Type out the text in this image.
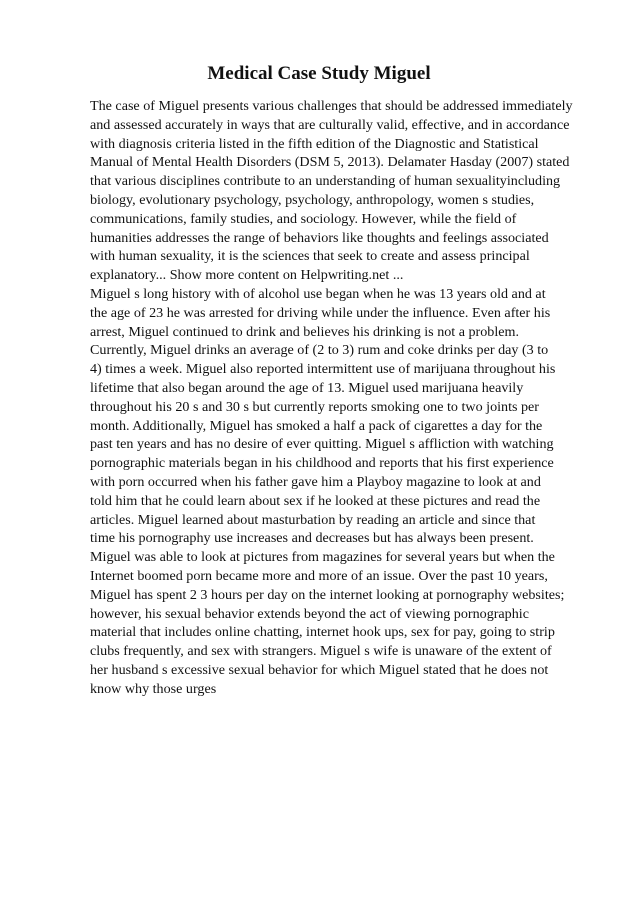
Medical Case Study Miguel
The case of Miguel presents various challenges that should be addressed immediately
and assessed accurately in ways that are culturally valid, effective, and in accordance
with diagnosis criteria listed in the fifth edition of the Diagnostic and Statistical
Manual of Mental Health Disorders (DSM 5, 2013). Delamater Hasday (2007) stated
that various disciplines contribute to an understanding of human sexualityincluding
biology, evolutionary psychology, psychology, anthropology, women s studies,
communications, family studies, and sociology. However, while the field of
humanities addresses the range of behaviors like thoughts and feelings associated
with human sexuality, it is the sciences that seek to create and assess principal
explanatory... Show more content on Helpwriting.net ...
Miguel s long history with of alcohol use began when he was 13 years old and at
the age of 23 he was arrested for driving while under the influence. Even after his
arrest, Miguel continued to drink and believes his drinking is not a problem.
Currently, Miguel drinks an average of (2 to 3) rum and coke drinks per day (3 to
4) times a week. Miguel also reported intermittent use of marijuana throughout his
lifetime that also began around the age of 13. Miguel used marijuana heavily
throughout his 20 s and 30 s but currently reports smoking one to two joints per
month. Additionally, Miguel has smoked a half a pack of cigarettes a day for the
past ten years and has no desire of ever quitting. Miguel s affliction with watching
pornographic materials began in his childhood and reports that his first experience
with porn occurred when his father gave him a Playboy magazine to look at and
told him that he could learn about sex if he looked at these pictures and read the
articles. Miguel learned about masturbation by reading an article and since that
time his pornography use increases and decreases but has always been present.
Miguel was able to look at pictures from magazines for several years but when the
Internet boomed porn became more and more of an issue. Over the past 10 years,
Miguel has spent 2 3 hours per day on the internet looking at pornography websites;
however, his sexual behavior extends beyond the act of viewing pornographic
material that includes online chatting, internet hook ups, sex for pay, going to strip
clubs frequently, and sex with strangers. Miguel s wife is unaware of the extent of
her husband s excessive sexual behavior for which Miguel stated that he does not
know why those urges
